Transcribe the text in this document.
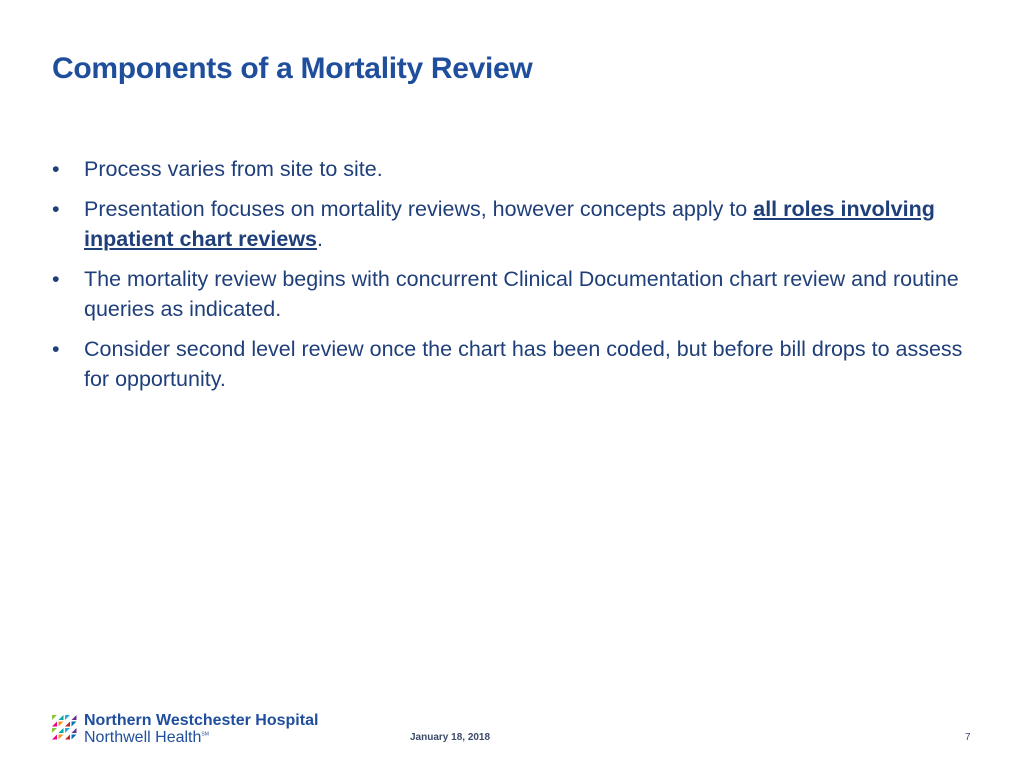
Components of a Mortality Review
•	Process varies from site to site.
•	Presentation focuses on mortality reviews, however concepts apply to all roles involving inpatient chart reviews.
•	The mortality review begins with concurrent Clinical Documentation chart review and routine queries as indicated.
•	Consider second level review once the chart has been coded, but before bill drops to assess for opportunity.
Northern Westchester Hospital
Northwell Health℠	January 18, 2018	7
